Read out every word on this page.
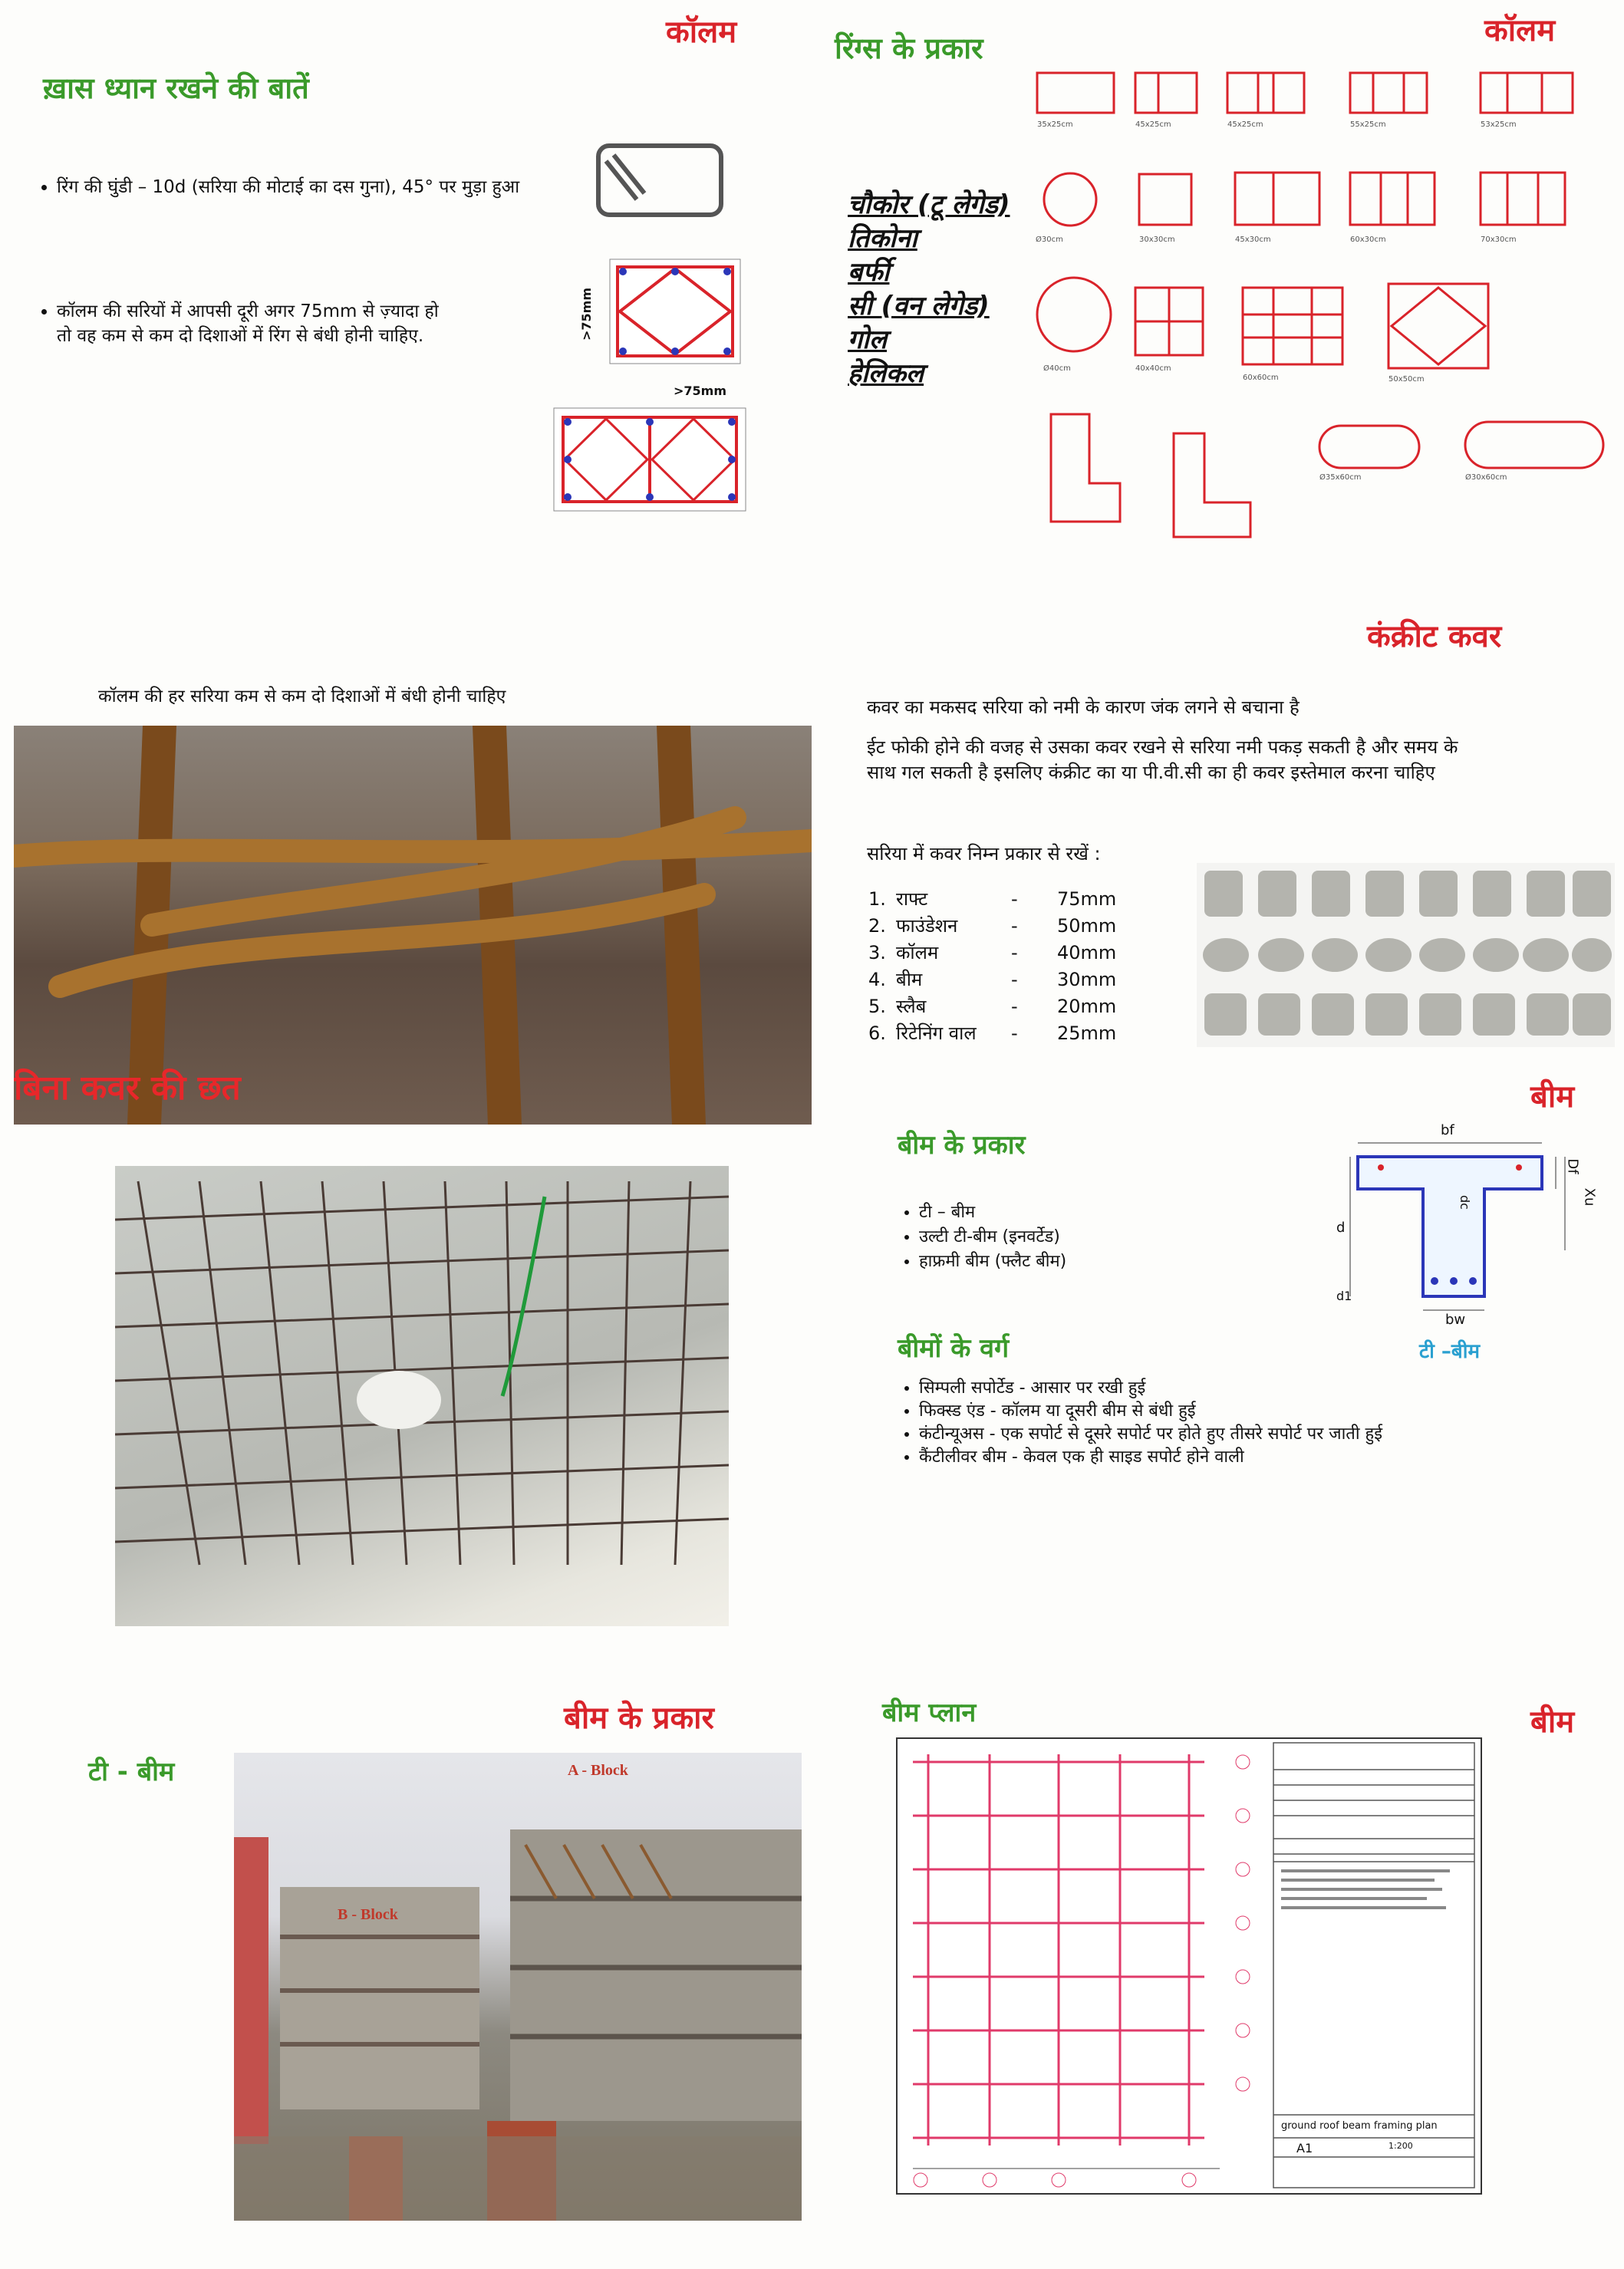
कॉलम
ख़ास ध्यान रखने की बातें
• रिंग की घुंडी – 10d (सरिया की मोटाई का दस गुना), 45° पर मुड़ा हुआ
• कॉलम की सरियों में आपसी दूरी अगर 75mm से ज़्यादा हो तो वह कम से कम दो दिशाओं में रिंग से बंधी होनी चाहिए.	>75mm
>75mm
रिंग्स के प्रकार	कॉलम
चौकोर (टू लेगेड)
तिकोना
बर्फी
सी (वन लेगेड)
गोल
हेलिकल
35x25cm	45x25cm	45x25cm	55x25cm	53x25cm
Ø30cm	30x30cm	45x30cm	60x30cm	70x30cm
Ø40cm	40x40cm
60x60cm	50x50cm
Ø35x60cm	Ø30x60cm
कॉलम की हर सरिया कम से कम दो दिशाओं में बंधी होनी चाहिए
बिना कवर की छत
कंक्रीट कवर
कवर का मकसद सरिया को नमी के कारण जंक लगने से बचाना है
ईट फोकी होने की वजह से उसका कवर रखने से सरिया नमी पकड़ सकती है और समय के साथ गल सकती है इसलिए कंक्रीट का या पी.वी.सी का ही कवर इस्तेमाल करना चाहिए
सरिया में कवर निम्न प्रकार से रखें :
1. राफ्ट	-	75mm
2. फाउंडेशन	-	50mm
3. कॉलम	-	40mm
4. बीम	-	30mm
5. स्लैब	-	20mm
6. रिटेनिंग वाल	-	25mm
बीम
बीम के प्रकार
• टी – बीम
• उल्टी टी-बीम (इनवर्टेड)
• हाफ्रमी बीम (फ्लैट बीम)
बीमों के वर्ग
• सिम्पली सपोर्टेड - आसार पर रखी हुई
• फिक्स्ड एंड - कॉलम या दूसरी बीम से बंधी हुई
• कंटीन्यूअस - एक सपोर्ट से दूसरे सपोर्ट पर होते हुए तीसरे सपोर्ट पर जाती हुई
• कैंटीलीवर बीम - केवल एक ही साइड सपोर्ट होने वाली
bf
Df
Xu
dc
d
d1
bw
टी –बीम
बीम के प्रकार
टी - बीम	A - Block
B - Block
बीम प्लान	बीम
ground roof beam framing plan
A1	1:200
